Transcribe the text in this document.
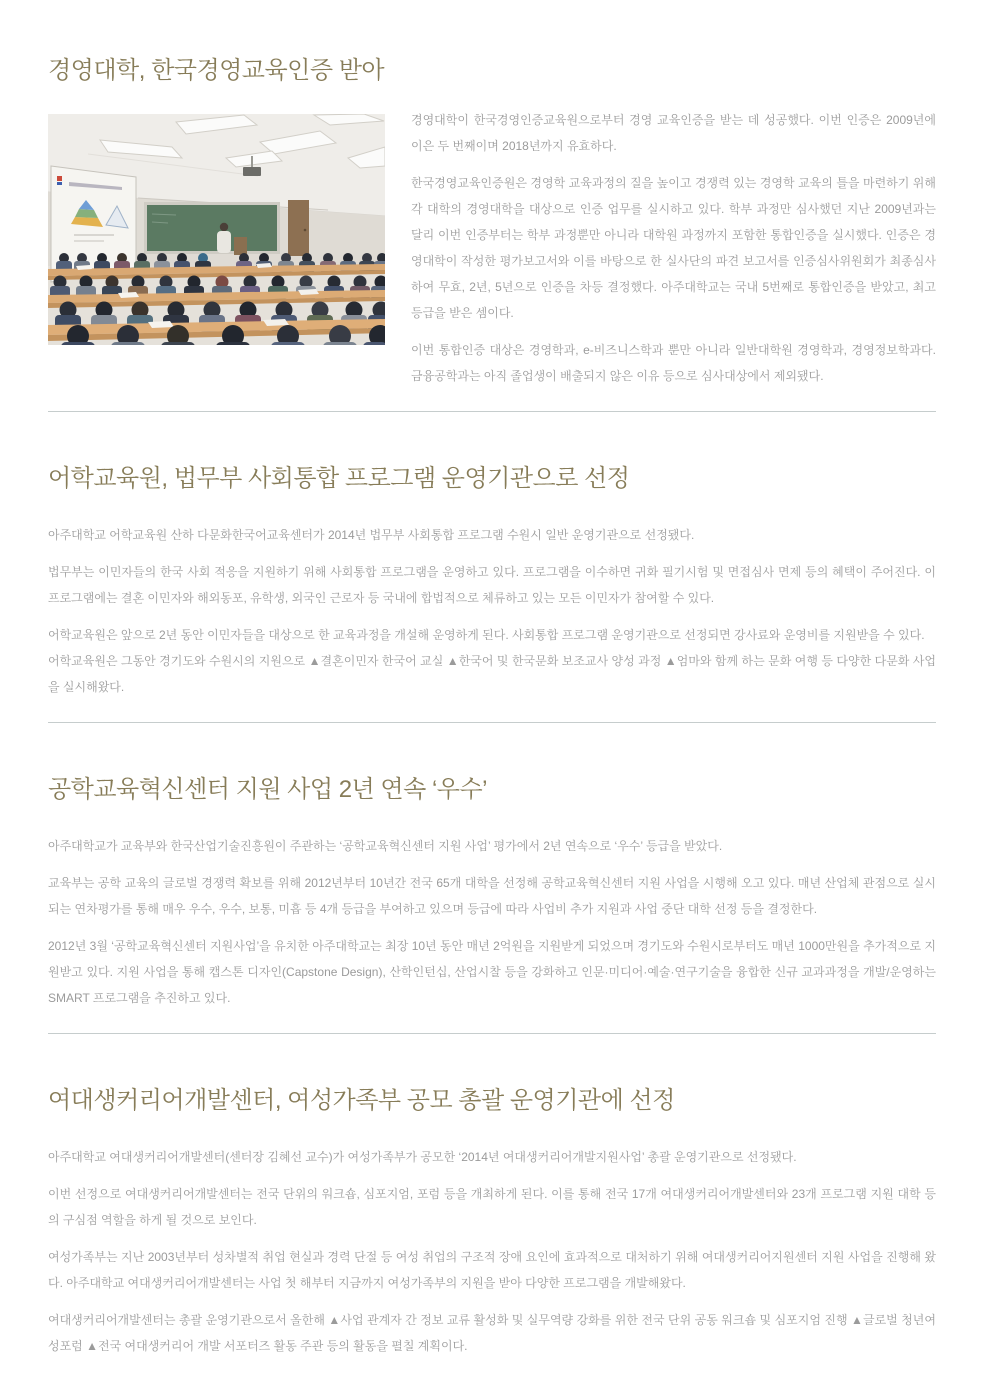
경영대학, 한국경영교육인증 받아

경영대학이 한국경영인증교육원으로부터 경영 교육인증을 받는 데 성공했다. 이번 인증은 2009년에 이은 두 번째이며 2018년까지 유효하다.

한국경영교육인증원은 경영학 교육과정의 질을 높이고 경쟁력 있는 경영학 교육의 틀을 마련하기 위해 각 대학의 경영대학을 대상으로 인증 업무를 실시하고 있다. 학부 과정만 심사했던 지난 2009년과는 달리 이번 인증부터는 학부 과정뿐만 아니라 대학원 과정까지 포함한 통합인증을 실시했다. 인증은 경영대학이 작성한 평가보고서와 이를 바탕으로 한 실사단의 파견 보고서를 인증심사위원회가 최종심사하여 무효, 2년, 5년으로 인증을 차등 결정했다. 아주대학교는 국내 5번째로 통합인증을 받았고, 최고등급을 받은 셈이다.

이번 통합인증 대상은 경영학과, e-비즈니스학과 뿐만 아니라 일반대학원 경영학과, 경영정보학과다. 금융공학과는 아직 졸업생이 배출되지 않은 이유 등으로 심사대상에서 제외됐다.

어학교육원, 법무부 사회통합 프로그램 운영기관으로 선정

아주대학교 어학교육원 산하 다문화한국어교육센터가 2014년 법무부 사회통합 프로그램 수원시 일반 운영기관으로 선정됐다.

법무부는 이민자들의 한국 사회 적응을 지원하기 위해 사회통합 프로그램을 운영하고 있다. 프로그램을 이수하면 귀화 필기시험 및 면접심사 면제 등의 혜택이 주어진다. 이 프로그램에는 결혼 이민자와 해외동포, 유학생, 외국인 근로자 등 국내에 합법적으로 체류하고 있는 모든 이민자가 참여할 수 있다.

어학교육원은 앞으로 2년 동안 이민자들을 대상으로 한 교육과정을 개설해 운영하게 된다. 사회통합 프로그램 운영기관으로 선정되면 강사료와 운영비를 지원받을 수 있다.

어학교육원은 그동안 경기도와 수원시의 지원으로 ▲결혼이민자 한국어 교실 ▲한국어 및 한국문화 보조교사 양성 과정 ▲엄마와 함께 하는 문화 여행 등 다양한 다문화 사업을 실시해왔다.

공학교육혁신센터 지원 사업 2년 연속 ‘우수’

아주대학교가 교육부와 한국산업기술진흥원이 주관하는 ‘공학교육혁신센터 지원 사업’ 평가에서 2년 연속으로 ‘우수’ 등급을 받았다.

교육부는 공학 교육의 글로벌 경쟁력 확보를 위해 2012년부터 10년간 전국 65개 대학을 선정해 공학교육혁신센터 지원 사업을 시행해 오고 있다. 매년 산업체 관점으로 실시되는 연차평가를 통해 매우 우수, 우수, 보통, 미흡 등 4개 등급을 부여하고 있으며 등급에 따라 사업비 추가 지원과 사업 중단 대학 선정 등을 결정한다.

2012년 3월 ‘공학교육혁신센터 지원사업’을 유치한 아주대학교는 최장 10년 동안 매년 2억원을 지원받게 되었으며 경기도와 수원시로부터도 매년 1000만원을 추가적으로 지원받고 있다. 지원 사업을 통해 캡스톤 디자인(Capstone Design), 산학인턴십, 산업시찰 등을 강화하고 인문·미디어·예술·연구기술을 융합한 신규 교과과정을 개발/운영하는 SMART 프로그램을 추진하고 있다.

여대생커리어개발센터, 여성가족부 공모 총괄 운영기관에 선정

아주대학교 여대생커리어개발센터(센터장 김혜선 교수)가 여성가족부가 공모한 ‘2014년 여대생커리어개발지원사업’ 총괄 운영기관으로 선정됐다.

이번 선정으로 여대생커리어개발센터는 전국 단위의 워크숍, 심포지엄, 포럼 등을 개최하게 된다. 이를 통해 전국 17개 여대생커리어개발센터와 23개 프로그램 지원 대학 등의 구심점 역할을 하게 될 것으로 보인다.

여성가족부는 지난 2003년부터 성차별적 취업 현실과 경력 단절 등 여성 취업의 구조적 장애 요인에 효과적으로 대처하기 위해 여대생커리어지원센터 지원 사업을 진행해 왔다. 아주대학교 여대생커리어개발센터는 사업 첫 해부터 지금까지 여성가족부의 지원을 받아 다양한 프로그램을 개발해왔다.

여대생커리어개발센터는 총괄 운영기관으로서 올한해 ▲사업 관계자 간 정보 교류 활성화 및 실무역량 강화를 위한 전국 단위 공동 워크숍 및 심포지엄 진행 ▲글로벌 청년여성포럼 ▲전국 여대생커리어 개발 서포터즈 활동 주관 등의 활동을 펼칠 계획이다.
